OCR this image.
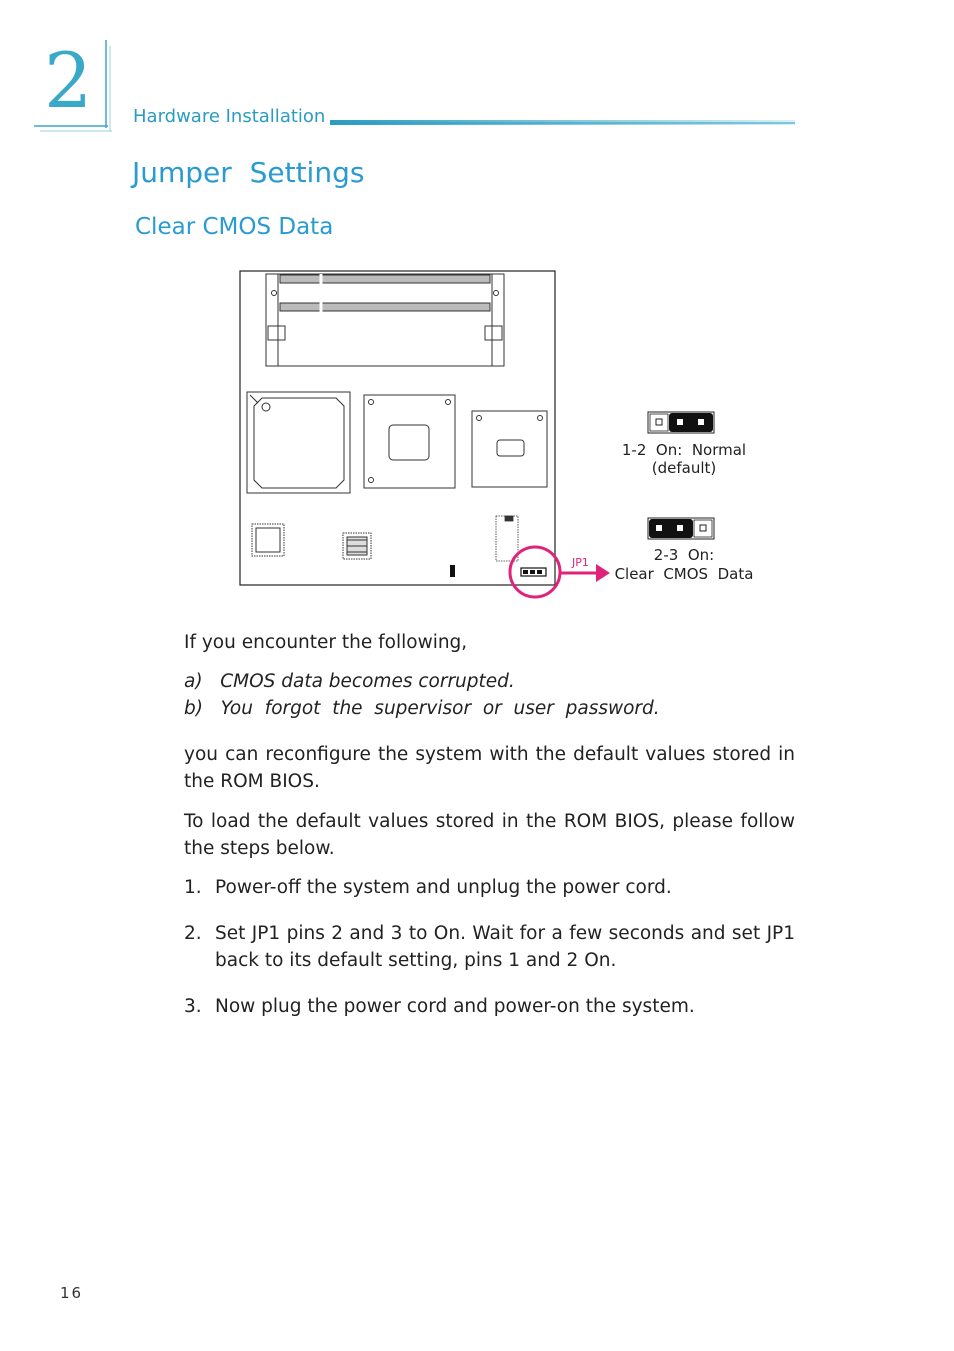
2	Hardware Installation
Jumper  Settings
Clear CMOS Data
JP1
1-2  On:  Normal
(default)
2-3  On:
Clear  CMOS  Data
If you encounter the following,
a)   CMOS data becomes corrupted.
b)   You  forgot  the  supervisor  or  user  password.
you can reconfigure the system with the default values stored in the ROM BIOS.
To load the default values stored in the ROM BIOS, please follow the steps below.
1. Power-off the system and unplug the power cord.
2. Set JP1 pins 2 and 3 to On. Wait for a few seconds and set JP1 back to its default setting, pins 1 and 2 On.
3. Now plug the power cord and power-on the system.
16
